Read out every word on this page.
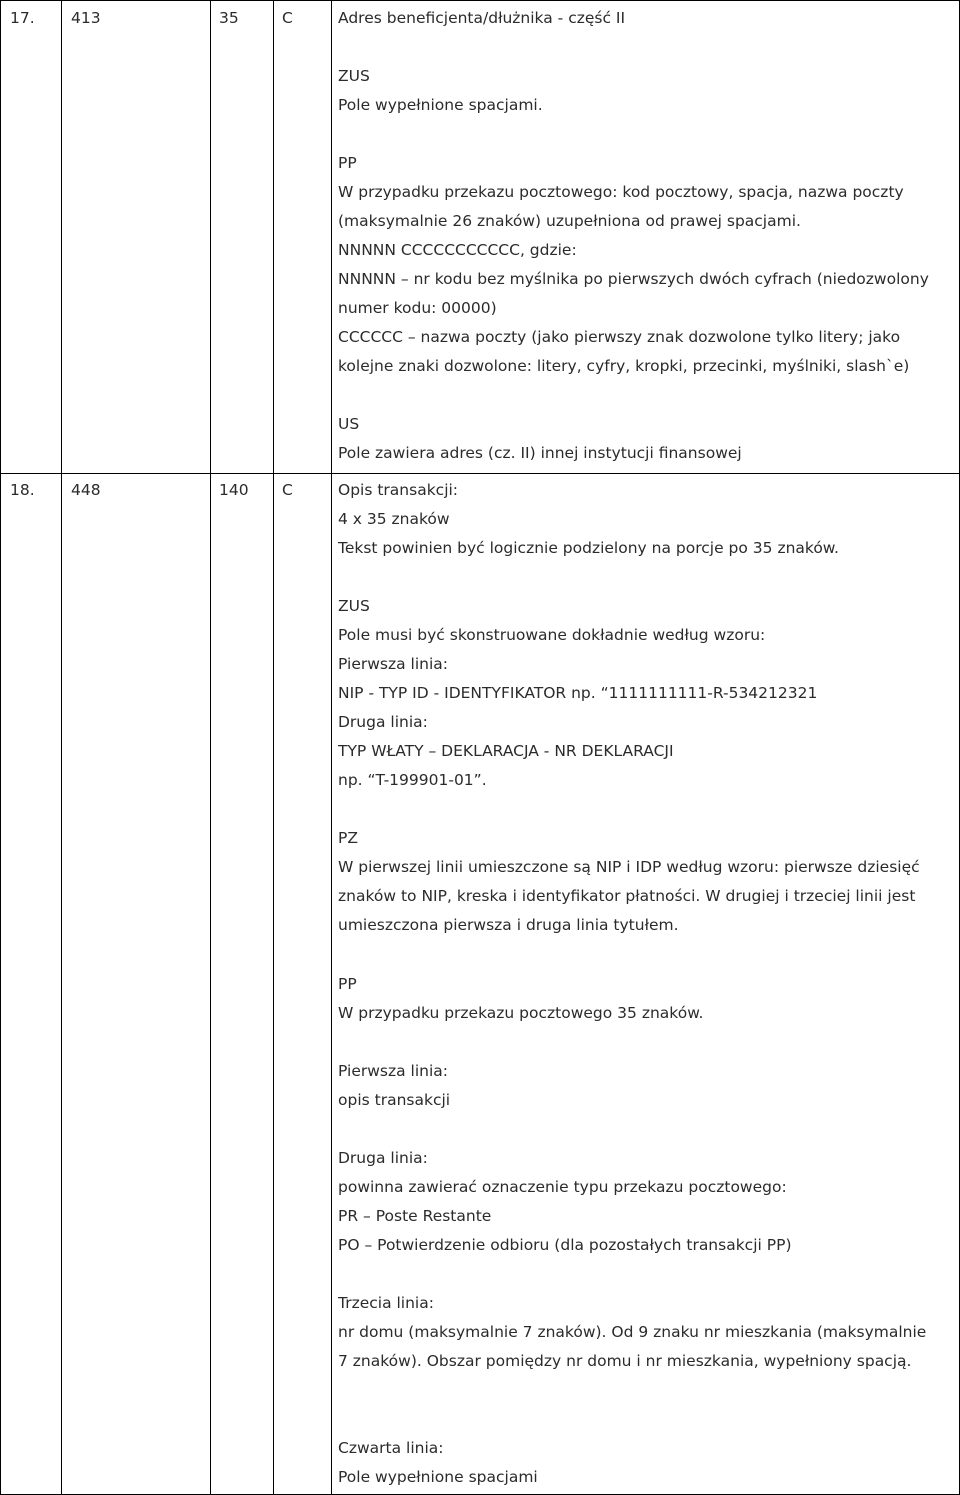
17. 413	35	C	Adres beneficjenta/dłużnika - część II
ZUS
Pole wypełnione spacjami.
PP
W przypadku przekazu pocztowego: kod pocztowy, spacja, nazwa poczty
(maksymalnie 26 znaków) uzupełniona od prawej spacjami.
NNNNN CCCCCCCCCCC, gdzie:
NNNNN – nr kodu bez myślnika po pierwszych dwóch cyfrach (niedozwolony
numer kodu: 00000)
CCCCCC – nazwa poczty (jako pierwszy znak dozwolone tylko litery; jako
kolejne znaki dozwolone: litery, cyfry, kropki, przecinki, myślniki, slash`e)
US
Pole zawiera adres (cz. II) innej instytucji finansowej
18. 448	140 C	Opis transakcji:
4 x 35 znaków
Tekst powinien być logicznie podzielony na porcje po 35 znaków.
ZUS
Pole musi być skonstruowane dokładnie według wzoru:
Pierwsza linia:
NIP - TYP ID - IDENTYFIKATOR np. “1111111111-R-534212321
Druga linia:
TYP WŁATY – DEKLARACJA - NR DEKLARACJI
np. “T-199901-01”.
PZ
W pierwszej linii umieszczone są NIP i IDP według wzoru: pierwsze dziesięć
znaków to NIP, kreska i identyfikator płatności. W drugiej i trzeciej linii jest
umieszczona pierwsza i druga linia tytułem.
PP
W przypadku przekazu pocztowego 35 znaków.
Pierwsza linia:
opis transakcji
Druga linia:
powinna zawierać oznaczenie typu przekazu pocztowego:
PR – Poste Restante
PO – Potwierdzenie odbioru (dla pozostałych transakcji PP)
Trzecia linia:
nr domu (maksymalnie 7 znaków). Od 9 znaku nr mieszkania (maksymalnie
7 znaków). Obszar pomiędzy nr domu i nr mieszkania, wypełniony spacją.
Czwarta linia:
Pole wypełnione spacjami
